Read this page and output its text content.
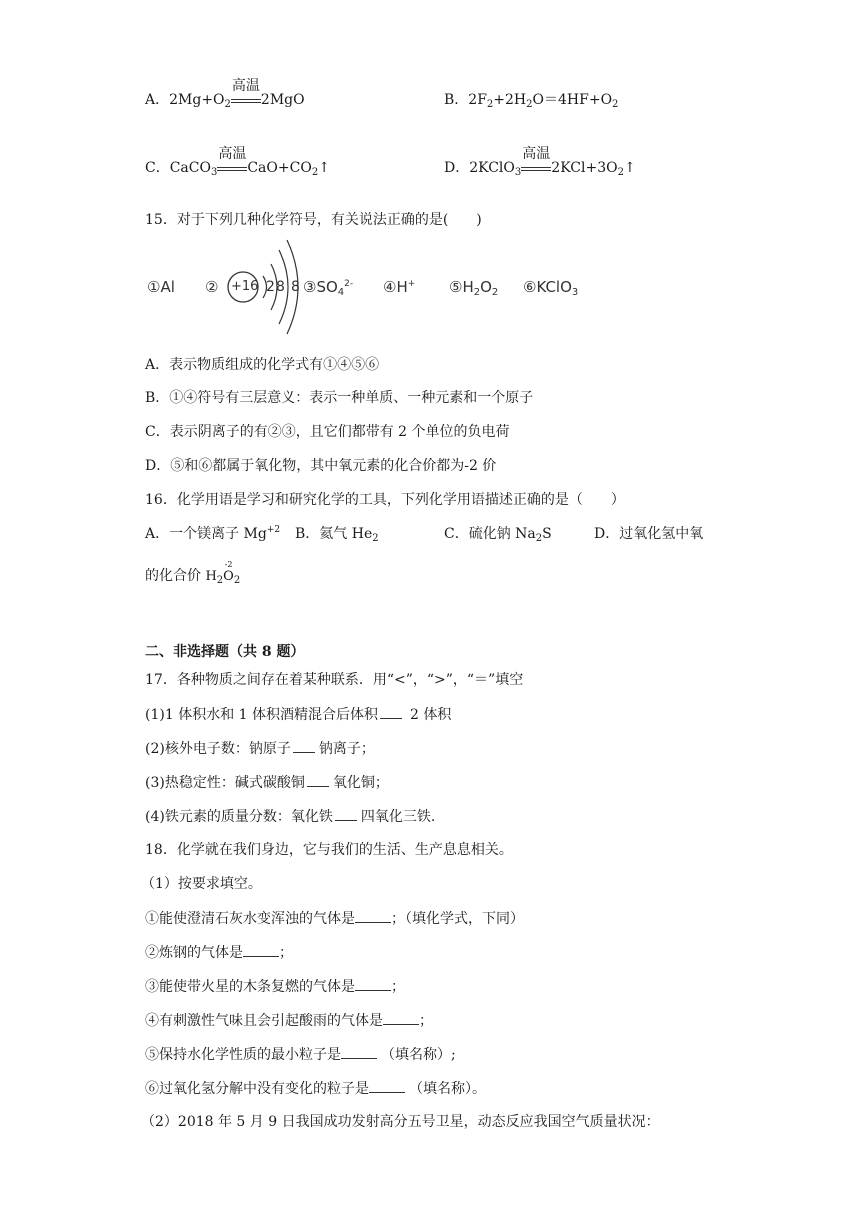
A．$2Mg+O_2$
高温
2MgO	B．$2F_2+2H_2O=4HF+O_2$
C．CaCO$_3$
高温
$CaO+CO_2↑$	D．2KClO$_3$
高温
$2KCl+3O_2↑$
15．对于下列几种化学符号，有关说法正确的是(　　)
①Al ② +16 2 8 8 $③SO_4^{2-}$ ④H+ $⑤H_2O_2$ ⑥KClO$_3$
A．表示物质组成的化学式有①④⑤⑥
B．①④符号有三层意义：表示一种单质、一种元素和一个原子
C．表示阴离子的有②③，且它们都带有 2 个单位的负电荷
D．⑤和⑥都属于氧化物，其中氧元素的化合价都为-2 价
16．化学用语是学习和研究化学的工具，下列化学用语描述正确的是（　　）
A．一个镁离子 $Mg^{+2}$ B．氦气 $He_2$	C．硫化钠 $Na_2S$	D．过氧化氢中氧
的化合价 $H_2$
-2
$O_2$
二、非选择题（共 8 题）
17．各种物质之间存在着某种联系．用“<”，“>”，“＝”填空
(1)1 体积水和 1 体积酒精混合后体积 2 体积
(2)核外电子数：钠原子 钠离子；
(3)热稳定性：碱式碳酸铜 氧化铜；
(4)铁元素的质量分数：氧化铁 四氧化三铁.
18．化学就在我们身边，它与我们的生活、生产息息相关。
（1）按要求填空。
①能使澄清石灰水变浑浊的气体是	；（填化学式，下同）
②炼钢的气体是	；
③能使带火星的木条复燃的气体是	；
④有刺激性气味且会引起酸雨的气体是	；
⑤保持水化学性质的最小粒子是	（填名称）;
⑥过氧化氢分解中没有变化的粒子是	（填名称）。
（2）2018 年 5 月 9 日我国成功发射高分五号卫星，动态反应我国空气质量状况：
